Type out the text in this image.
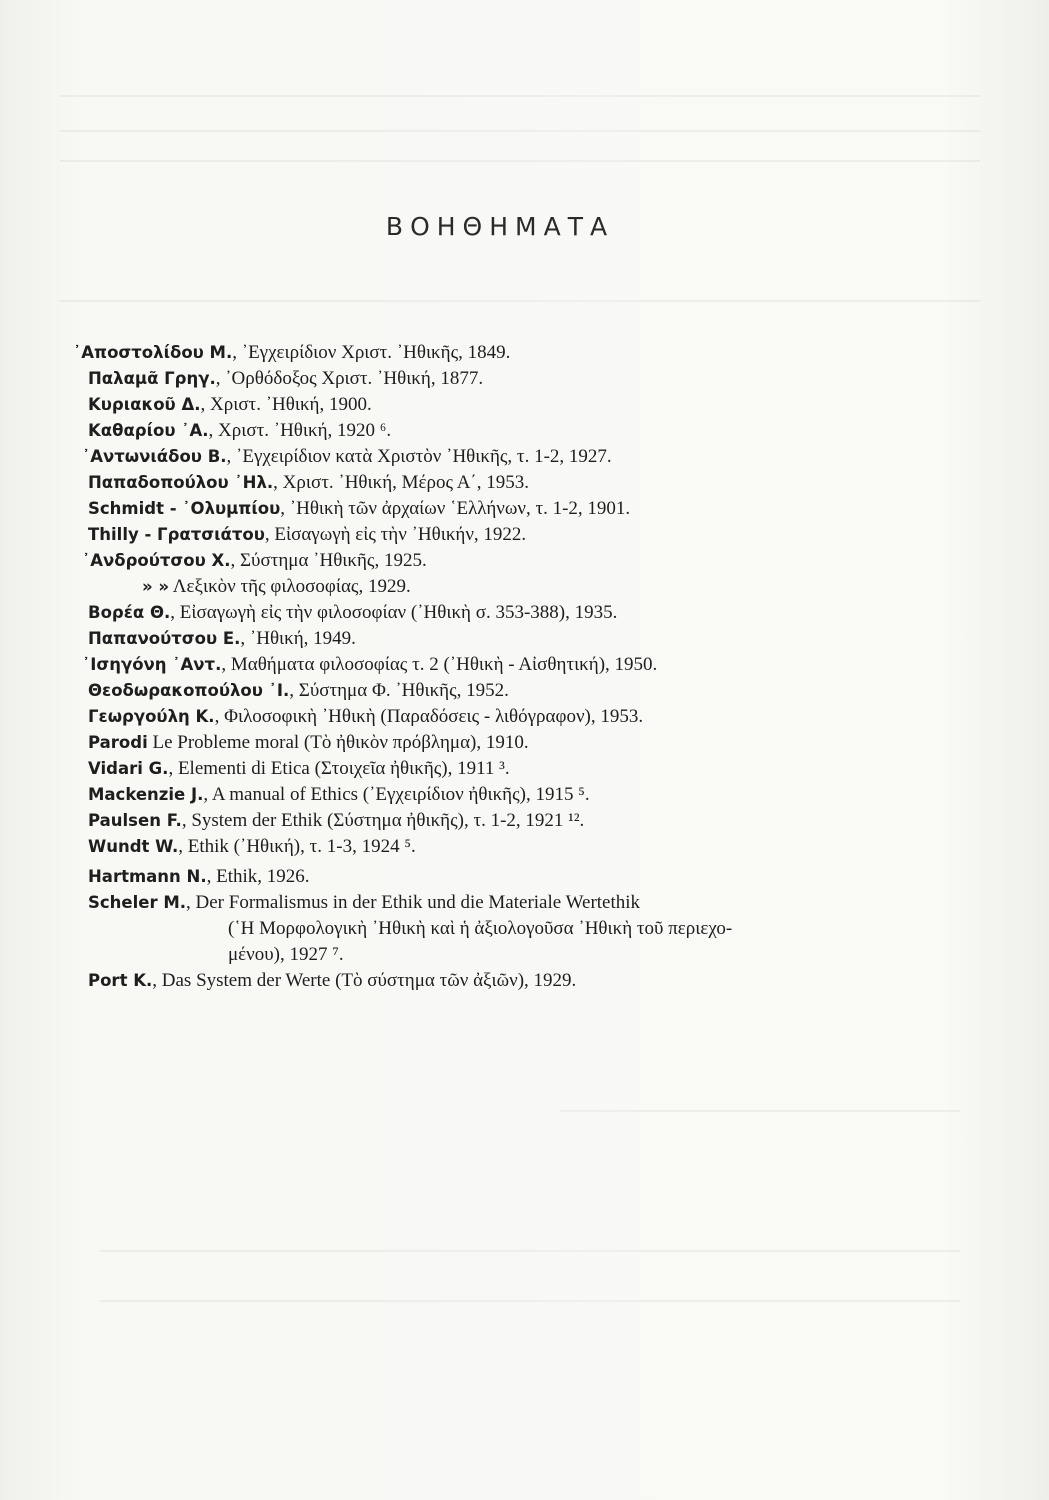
ΒΟΗΘΗΜΑΤΑ
᾿Αποστολίδου Μ., ᾿Εγχειρίδιον Χριστ. ᾿Ηθικῆς, 1849.
Παλαμᾶ Γρηγ., ᾿Ορθόδοξος Χριστ. ᾿Ηθική, 1877.
Κυριακοῦ Δ., Χριστ. ᾿Ηθική, 1900.
Καθαρίου ᾿Α., Χριστ. ᾿Ηθική, 1920 ⁶.
᾿Αντωνιάδου Β., ᾿Εγχειρίδιον κατὰ Χριστὸν ᾿Ηθικῆς, τ. 1-2, 1927.
Παπαδοπούλου ᾿Ηλ., Χριστ. ᾿Ηθική, Μέρος Α΄, 1953.
Schmidt - ᾿Ολυμπίου, ᾿Ηθικὴ τῶν ἀρχαίων ῾Ελλήνων, τ. 1-2, 1901.
Thilly - Γρατσιάτου, Εἰσαγωγὴ εἰς τὴν ᾿Ηθικήν, 1922.
᾿Ανδρούτσου Χ., Σύστημα ᾿Ηθικῆς, 1925.
» » Λεξικὸν τῆς φιλοσοφίας, 1929.
Βορέα Θ., Εἰσαγωγὴ εἰς τὴν φιλοσοφίαν (᾿Ηθικὴ σ. 353-388), 1935.
Παπανούτσου Ε., ᾿Ηθική, 1949.
᾿Ισηγόνη ᾿Αντ., Μαθήματα φιλοσοφίας τ. 2 (᾿Ηθικὴ - Αἰσθητική), 1950.
Θεοδωρακοπούλου ᾿Ι., Σύστημα Φ. ᾿Ηθικῆς, 1952.
Γεωργούλη Κ., Φιλοσοφικὴ ᾿Ηθικὴ (Παραδόσεις - λιθόγραφον), 1953.
Parodi Le Probleme moral (Τὸ ἠθικὸν πρόβλημα), 1910.
Vidari G., Elementi di Etica (Στοιχεῖα ἠθικῆς), 1911 ³.
Mackenzie J., A manual of Ethics (᾿Εγχειρίδιον ἠθικῆς), 1915 ⁵.
Paulsen F., System der Ethik (Σύστημα ἠθικῆς), τ. 1-2, 1921 ¹².
Wundt W., Ethik (᾿Ηθική), τ. 1-3, 1924 ⁵.
Hartmann N., Ethik, 1926.
Scheler M., Der Formalismus in der Ethik und die Materiale Wertethik
(῾Η Μορφολογικὴ ᾿Ηθικὴ καὶ ἡ ἀξιολογοῦσα ᾿Ηθικὴ τοῦ περιεχο-
μένου), 1927 ⁷.
Port K., Das System der Werte (Τὸ σύστημα τῶν ἀξιῶν), 1929.
